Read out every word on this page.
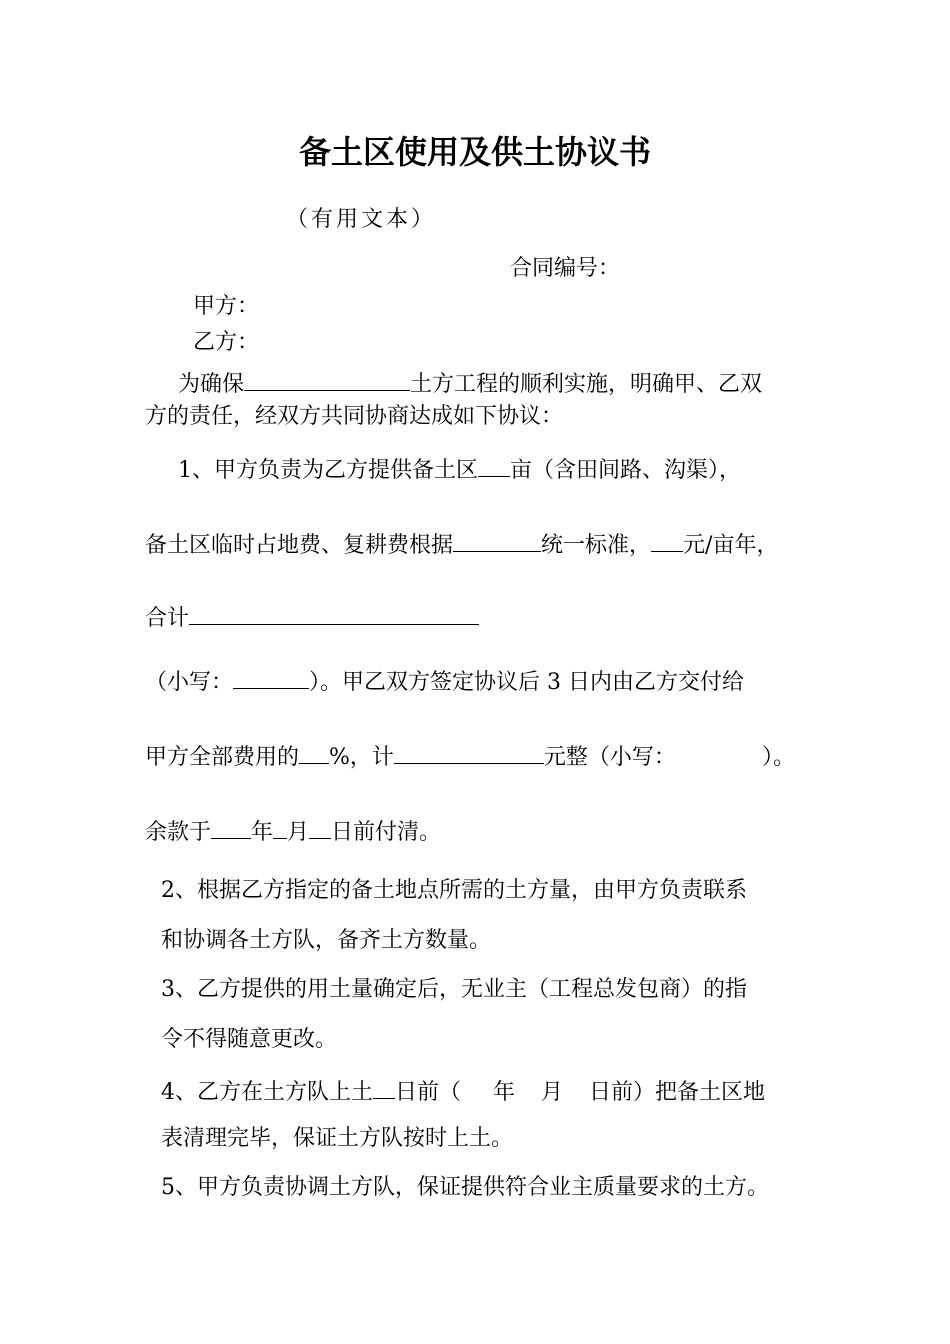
备土区使用及供土协议书
（有用文本）
合同编号：
甲方：
乙方：
为确保	土方工程的顺利实施，明确甲、乙双
方的责任，经双方共同协商达成如下协议：
1、甲方负责为乙方提供备土区 亩（含田间路、沟渠），
备土区临时占地费、复耕费根据	统一标准， 元/亩年，
合计
（小写：	）。甲乙双方签定协议后 3 日内由乙方交付给
甲方全部费用的 %，计	元整（小写：	）。
余款于 年 月 日前付清。
2、根据乙方指定的备土地点所需的土方量，由甲方负责联系
和协调各土方队，备齐土方数量。
3、乙方提供的用土量确定后，无业主（工程总发包商）的指
令不得随意更改。
4、乙方在土方队上土 日前（ 年 月 日前）把备土区地
表清理完毕，保证土方队按时上土。
5、甲方负责协调土方队，保证提供符合业主质量要求的土方。
